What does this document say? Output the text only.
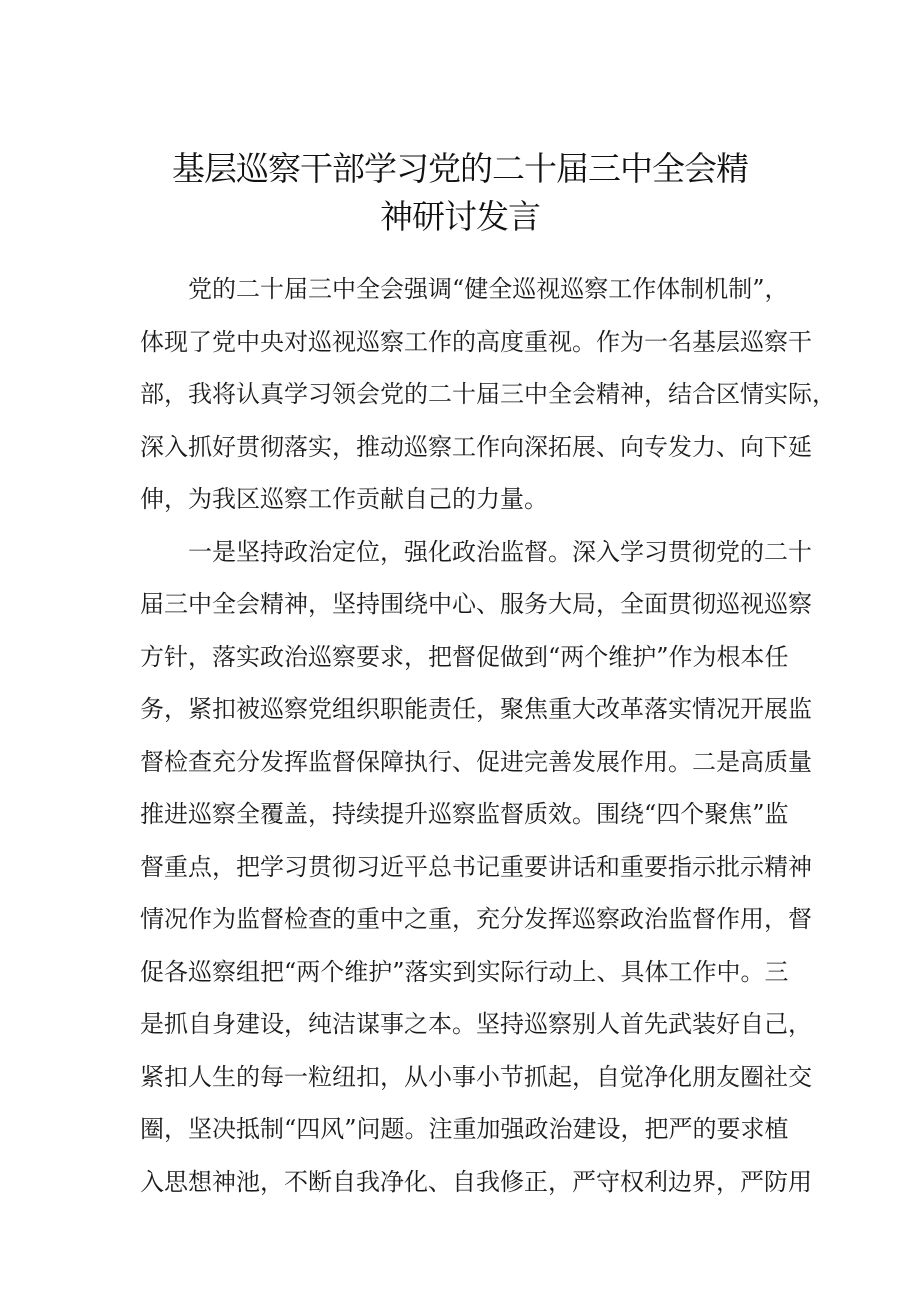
基层巡察干部学习党的二十届三中全会精
神研讨发言

　　党的二十届三中全会强调“健全巡视巡察工作体制机制”，
体现了党中央对巡视巡察工作的高度重视。作为一名基层巡察干
部，我将认真学习领会党的二十届三中全会精神，结合区情实际，
深入抓好贯彻落实，推动巡察工作向深拓展、向专发力、向下延
伸，为我区巡察工作贡献自己的力量。

　　一是坚持政治定位，强化政治监督。深入学习贯彻党的二十
届三中全会精神，坚持围绕中心、服务大局，全面贯彻巡视巡察
方针，落实政治巡察要求，把督促做到“两个维护”作为根本任
务，紧扣被巡察党组织职能责任，聚焦重大改革落实情况开展监
督检查充分发挥监督保障执行、促进完善发展作用。二是高质量
推进巡察全覆盖，持续提升巡察监督质效。围绕“四个聚焦”监
督重点，把学习贯彻习近平总书记重要讲话和重要指示批示精神
情况作为监督检查的重中之重，充分发挥巡察政治监督作用，督
促各巡察组把“两个维护”落实到实际行动上、具体工作中。三
是抓自身建设，纯洁谋事之本。坚持巡察别人首先武装好自己，
紧扣人生的每一粒纽扣，从小事小节抓起，自觉净化朋友圈社交
圈，坚决抵制“四风”问题。注重加强政治建设，把严的要求植
入思想神池，不断自我净化、自我修正，严守权利边界，严防用
